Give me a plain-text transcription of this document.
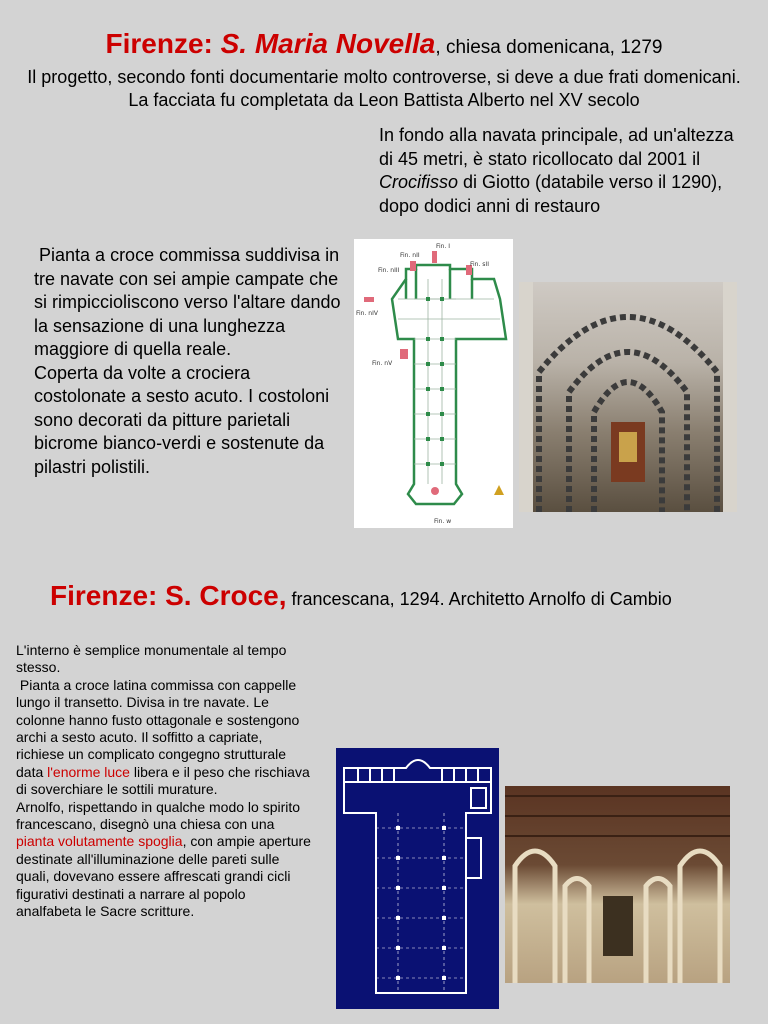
Firenze: S. Maria Novella, chiesa domenicana, 1279
Il progetto, secondo fonti documentarie molto controverse, si deve a due frati domenicani. La facciata fu completata da Leon Battista Alberto nel XV secolo
In fondo alla navata principale, ad un'altezza di 45 metri, è stato ricollocato dal 2001 il Crocifisso di Giotto (databile verso il 1290), dopo dodici anni di restauro
Pianta a croce commissa suddivisa in tre navate con sei ampie campate che si rimpiccioliscono verso l'altare dando la sensazione di una lunghezza maggiore di quella reale.
Coperta da volte a crociera costolonate a sesto acuto. I costoloni sono decorati da pitture parietali bicrome bianco-verdi e sostenute da pilastri polistili.
Fin. I
Fin. sII
Fin. nII
Fin. nIII
Fin. nIV
Fin. nV
Fin. w
Firenze: S. Croce, francescana, 1294. Architetto Arnolfo di Cambio
L'interno è semplice monumentale al tempo stesso.
Pianta a croce latina commissa con cappelle lungo il transetto. Divisa in tre navate. Le colonne hanno fusto ottagonale e sostengono archi a sesto acuto. Il soffitto a capriate, richiese un complicato congegno strutturale data l'enorme luce libera e il peso che rischiava di soverchiare le sottili murature.
Arnolfo, rispettando in qualche modo lo spirito francescano, disegnò una chiesa con una pianta volutamente spoglia, con ampie aperture destinate all'illuminazione delle pareti sulle quali, dovevano essere affrescati grandi cicli figurativi destinati a narrare al popolo analfabeta le Sacre scritture.
